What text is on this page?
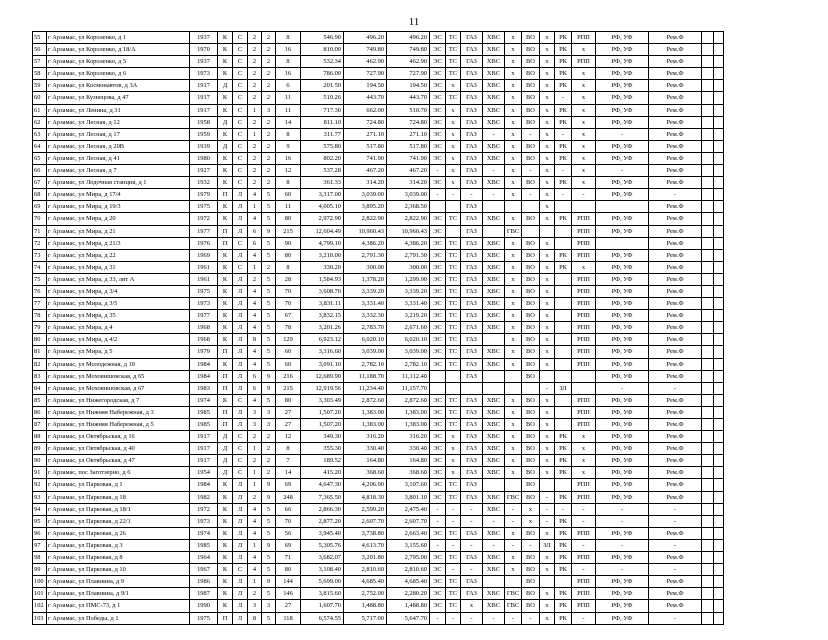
11
55	г Арзамас, ул Короленко, д 1	1937	К	С	2	2	8	546.90	496.20	496.20	ЭС	ТС	ГАЗ	ХВС	х	ВО	х	РК	РПП	РФ, УФ	Рем.Ф		
56	г Арзамас, ул Короленко, д 18/А	1970	К	С	2	2	16	810.00	749.80	749.80	ЭС	ТС	ГАЗ	ХВС	х	ВО	х	РК	х	РФ, УФ	Рем.Ф		
57	г Арзамас, ул Короленко, д 5	1937	К	С	2	2	8	532.34	462.90	462.90	ЭС	ТС	ГАЗ	ХВС	х	ВО	х	РК	РПП	РФ, УФ	Рем.Ф		
58	г Арзамас, ул Короленко, д 6	1973	К	С	2	2	16	786.00	727.90	727.90	ЭС	ТС	ГАЗ	ХВС	х	ВО	х	РК	х	РФ, УФ	Рем.Ф		
59	г Арзамас, ул Космонавтов, д 3А	1917	Д	С	2	2	6	201.50	194.50	194.50	ЭС	х	ГАЗ	ХВС	х	ВО	х	РК	х	РФ, УФ	Рем.Ф		
60	г Арзамас, ул Кузнецова, д 47	1917	К	С	2	2	11	510.26	443.70	443.70	ЭС	ТС	ГАЗ	ХВС	х	ВО	х	-	х	РФ, УФ	Рем.Ф		
61	г Арзамас, ул Ленина, д 31	1917	К	С	1	3	11	717.30	662.00	510.70	ЭС	х	ГАЗ	ХВС	х	ВО	х	РК	х	РФ, УФ	Рем.Ф		
62	г Арзамас, ул Лесная, д 12	1958	Д	С	2	2	14	811.10	724.80	724.80	ЭС	х	ГАЗ	ХВС	х	ВО	х	РК	х	РФ, УФ	Рем.Ф		
63	г Арзамас, ул Лесная, д 17	1959	К	С	1	2	8	311.77	271.10	271.10	ЭС	х	ГАЗ	-	х	-	х	-	х	-	Рем.Ф		
64	г Арзамас, ул Лесная, д 20В	1939	Д	С	2	2	9	575.80	517.80	517.80	ЭС	х	ГАЗ	ХВС	х	ВО	х	РК	х	РФ, УФ	Рем.Ф		
65	г Арзамас, ул Лесная, д 41	1980	К	С	2	2	16	802.20	741.90	741.90	ЭС	х	ГАЗ	ХВС	х	ВО	х	РК	х	РФ, УФ	Рем.Ф		
66	г Арзамас, ул Лесная, д 7	1927	К	С	2	2	12	537.28	467.20	467.20	-	х	ГАЗ	-	х	-	х	-	х	-	Рем.Ф		
67	г Арзамас, ул Лодочная станция, д 1	1932	К	С	2	2	8	361.33	314.20	314.20	ЭС	х	ГАЗ	ХВС	х	ВО	х	РК	х	РФ, УФ	Рем.Ф		
68	г Арзамас, ул Мира, д 17/4	1979	П	Л	4	5	60	3,317.00	3,039.00	3,039.00	-	-	-	-	х	-	х	-	-	РФ, УФ	-		
69	г Арзамас, ул Мира, д 19/3	1975	К	Л	1	5	11	4,005.10	3,895.20	2,368.50			ГАЗ				х				Рем.Ф		
70	г Арзамас, ул Мира, д 20	1972	К	Л	4	5	80	2,972.90	2,822.90	2,822.90	ЭС	ТС	ГАЗ	ХВС	х	ВО	х	РК	РПП	РФ, УФ	Рем.Ф		
71	г Арзамас, ул Мира, д 21	1977	П	Л	6	9	215	12,604.49	10,960.43	10,960.43	ЭС		ГАЗ		ГВС				РПП	РФ, УФ	Рем.Ф		
72	г Арзамас, ул Мира, д 21/3	1976	П	С	6	5	90	4,799.10	4,386.20	4,386.20	ЭС	ТС	ГАЗ	ХВС	х	ВО	х		РПП		Рем.Ф		
73	г Арзамас, ул Мира, д 22	1969	К	Л	4	5	80	3,210.00	2,791.30	2,791.30	ЭС	ТС	ГАЗ	ХВС	х	ВО	х	РК	РПП	РФ, УФ	Рем.Ф		
74	г Арзамас, ул Мира, д 31	1961	К	С	1	2	8	330.20	300.00	300.00	ЭС	ТС	ГАЗ	ХВС	х	ВО	х	РК	х	РФ, УФ	Рем.Ф		
75	г Арзамас, ул Мира, д 33, лит А	1961	К	Л	2	5	28	1,584.93	1,378.20	1,299.90	ЭС	ТС	ГАЗ	ХВС	х	ВО	х		РПП	РФ, УФ	Рем.Ф		
76	г Арзамас, ул Мира, д 3/4	1975	К	Л	4	5	70	3,608.70	3,339.20	3,339.20	ЭС	ТС	ГАЗ	ХВС	х	ВО	х		РПП	РФ, УФ	Рем.Ф		
77	г Арзамас, ул Мира, д 3/5	1973	К	Л	4	5	70	3,831.11	3,331.40	3,331.40	ЭС	ТС	ГАЗ	ХВС	х	ВО	х		РПП	РФ, УФ	Рем.Ф		
78	г Арзамас, ул Мира, д 35	1977	К	Л	4	5	67	3,832.15	3,332.30	3,219.20	ЭС	ТС	ГАЗ	ХВС	х	ВО	х		РПП	РФ, УФ	Рем.Ф		
79	г Арзамас, ул Мира, д 4	1968	К	Л	4	5	78	3,201.26	2,783.70	2,671.60	ЭС	ТС	ГАЗ	ХВС	х	ВО	х		РПП	РФ, УФ	Рем.Ф		
80	г Арзамас, ул Мира, д 4/2	1968	К	Л	8	5	129	6,923.12	6,020.10	6,020.10	ЭС	ТС	ГАЗ		х	ВО	х		РПП	РФ, УФ	Рем.Ф		
81	г Арзамас, ул Мира, д 5	1979	П	Л	4	5	60	3,316.60	3,039.00	3,039.00	ЭС	ТС	ГАЗ	ХВС	х	ВО	х		РПП	РФ, УФ	Рем.Ф		
82	г Арзамас, ул Молодежная, д 19	1984	К	Л	4	5	60	3,091.10	2,782.10	2,782.10	ЭС	ТС	ГАЗ	ХВС	х	ВО	х		РПП	РФ, УФ	Рем.Ф		
83	г Арзамас, ул Моховншовская, д 65	1984	П	Л	6	9	216	12,689.90	11,188.70	11,112.40			ГАЗ			ВО				РФ, УФ	Рем.Ф		
84	г Арзамас, ул Моховншовская, д 67	1983	П	Л	6	9	215	12,919.56	11,234.40	11,157.70							-	ЗЛ		-	-		
85	г Арзамас, ул Нижегородская, д 7	1974	К	С	4	5	80	3,303.49	2,872.60	2,872.60	ЭС	ТС	ГАЗ	ХВС	х	ВО	х		РПП	РФ, УФ	Рем.Ф		
86	г Арзамас, ул Нижняя Набережная, д 3	1985	П	Л	3	3	27	1,507.20	1,383.00	1,383.00	ЭС	ТС	ГАЗ	ХВС	х	ВО	х		РПП	РФ, УФ	Рем.Ф		
87	г Арзамас, ул Нижняя Набережная, д 5	1985	П	Л	3	3	27	1,507.20	1,383.00	1,383.00	ЭС	ТС	ГАЗ	ХВС	х	ВО	х		РПП	РФ, УФ	Рем.Ф		
88	г Арзамас, ул Октябрьская, д 16	1917	Д	С	2	2	12	349.30	316.20	316.20	ЭС	х	ГАЗ	ХВС	х	ВО	х	РК	х	РФ, УФ	Рем.Ф		
89	г Арзамас, ул Октябрьская, д 40	1917	Д	С	1	2	8	355.30	330.40	330.40	ЭС	х	ГАЗ	ХВС	х	ВО	х	РК	х	РФ, УФ	Рем.Ф		
90	г Арзамас, ул Октябрьская, д 47	1917	Д	С	2	2	7	189.52	164.80	164.80	ЭС	х	ГАЗ	ХВС	х	ВО	х	РК	х	РФ, УФ	Рем.Ф		
91	г Арзамас, пос Заготзерно, д 6	1954	Д	С	1	2	14	415.20	368.60	368.60	ЭС	х	ГАЗ	ХВС	х	ВО	х	РК	х	РФ, УФ	Рем.Ф		
92	г Арзамас, ул Парковая, д 1	1984	К	Л	1	9	69	4,647.30	4,206.90	3,107.60	ЭС	ТС	ГАЗ			ВО			РПП	РФ, УФ	Рем.Ф		
93	г Арзамас, ул Парковая, д 18	1982	К	Л	2	9	248	7,365.50	4,818.30	3,801.10	ЭС	ТС	ГАЗ	ХВС	ГВС	ВО	-	РК	РПП	РФ, УФ	Рем.Ф		
94	г Арзамас, ул Парковая, д 18/1	1972	К	Л	4	5	66	2,866.30	2,599.20	2,475.40	-	-	-	ХВС	-	х	-	-	-	-	-		
95	г Арзамас, ул Парковая, д 22/1	1973	К	Л	4	5	70	2,877.20	2,607.70	2,607.70	-	-	-	-	-	х	-	РК	-	-	-		
96	г Арзамас, ул Парковая, д 26	1974	К	Л	4	5	56	3,945.40	3,738.80	2,663.40	ЭС	ТС	ГАЗ	ХВС	х	ВО	х	РК	РПП	РФ, УФ	Рем.Ф		
97	г Арзамас, ул Парковая, д 3	1985	К	Л	1	9	69	5,305.76	4,613.70	3,155.60	-	-	-	-	-	-	ЗЛ	РК	-	-	-		
98	г Арзамас, ул Парковая, д 8	1964	К	Л	4	5	71	3,682.07	3,201.80	2,795.00	ЭС	ТС	ГАЗ	ХВС	х	ВО	х	РК	РПП	РФ, УФ	Рем.Ф		
99	г Арзамас, ул Парковая, д 10	1967	К	С	4	5	80	3,108.40	2,810.60	2,810.60	ЭС	-	-	ХВС	х	ВО	х	РК	-	-	-		
100	г Арзамас, ул Плавнина, д 9	1986	К	Л	1	9	144	5,699.00	4,685.40	4,685.40	ЭС	ТС	ГАЗ			ВО			РПП	РФ, УФ	Рем.Ф		
101	г Арзамас, ул Плавнина, д 9/1	1987	К	Л	2	5	146	3,815.60	2,752.00	2,280.20	ЭС	ТС	ГАЗ	ХВС	ГВС	ВО	х	РК	РПП	РФ, УФ	Рем.Ф		
102	г Арзамас, ул ПМС-73, д 1	1990	К	Л	3	3	27	1,607.70	1,488.80	1,488.80	ЭС	ТС	х	ХВС	ГВС	ВО	х	РК	РПП	РФ, УФ	Рем.Ф		
103	г Арзамас, ул Победы, д 1	1975	П	Л	8	5	118	6,574.55	5,717.00	5,647.70	-	-	-	-	-	-	х	РК	-	РФ, УФ	-		
